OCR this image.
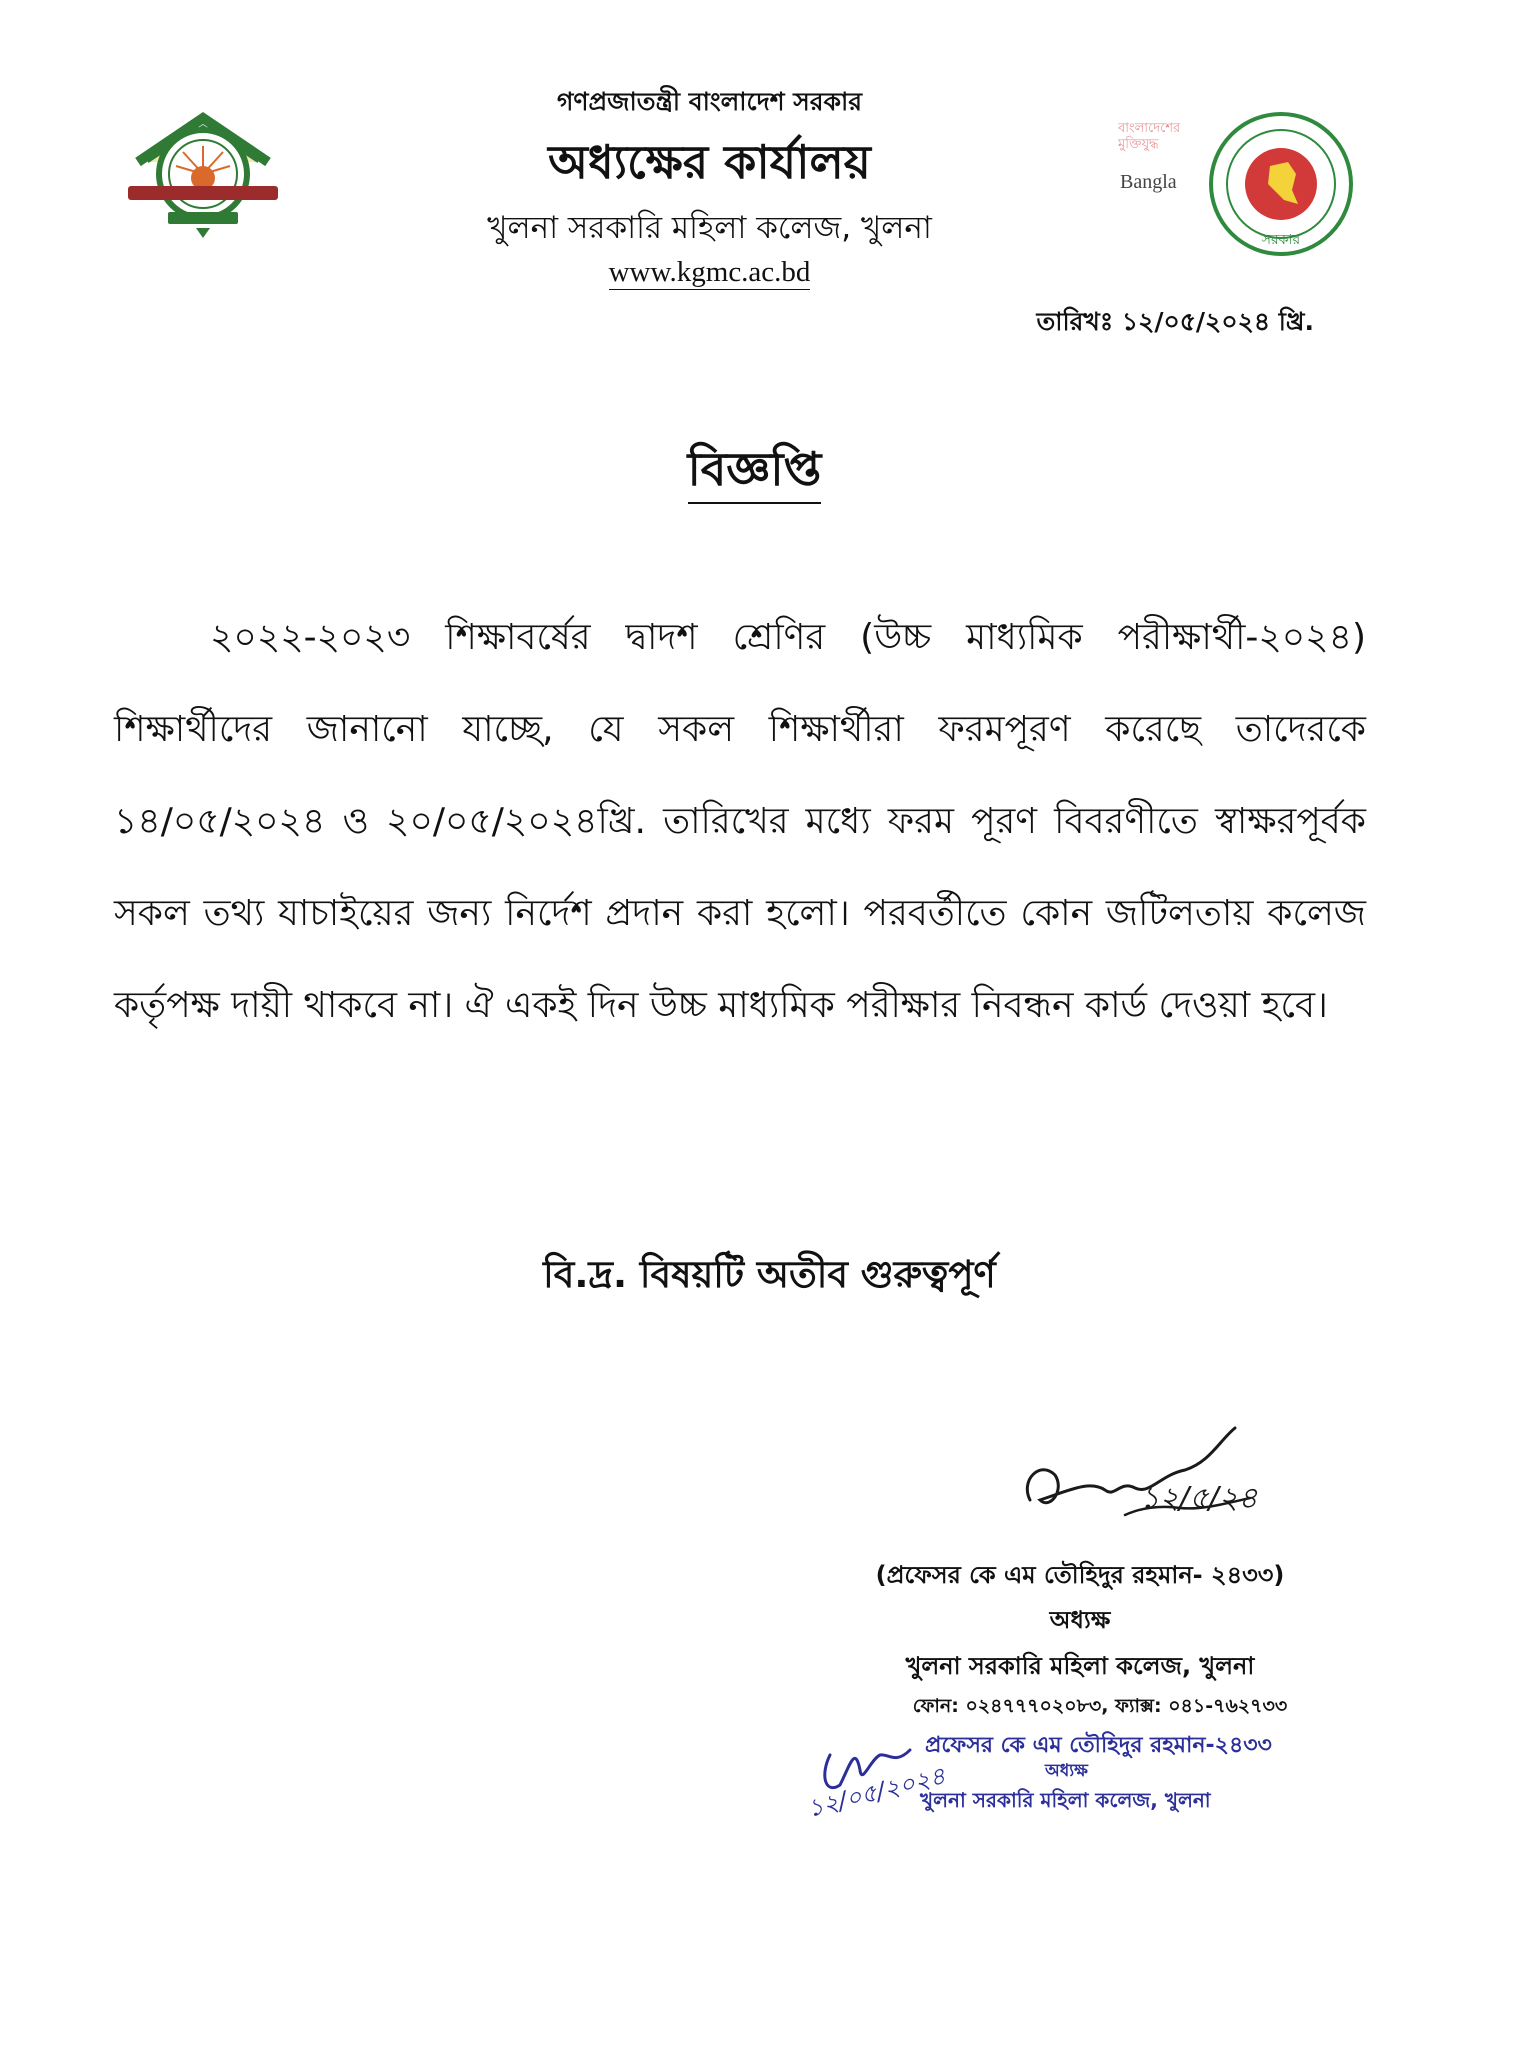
বাংলাদেশের
মুক্তিযুদ্ধ
Bangla
সরকার
গণপ্রজাতন্ত্রী বাংলাদেশ সরকার
অধ্যক্ষের কার্যালয়
খুলনা সরকারি মহিলা কলেজ, খুলনা
www.kgmc.ac.bd
তারিখঃ ১২/০৫/২০২৪ খ্রি.
বিজ্ঞপ্তি
২০২২-২০২৩ শিক্ষাবর্ষের দ্বাদশ শ্রেণির (উচ্চ মাধ্যমিক পরীক্ষার্থী-২০২৪) শিক্ষার্থীদের জানানো যাচ্ছে, যে সকল শিক্ষার্থীরা ফরমপূরণ করেছে তাদেরকে ১৪/০৫/২০২৪ ও ২০/০৫/২০২৪খ্রি. তারিখের মধ্যে ফরম পূরণ বিবরণীতে স্বাক্ষরপূর্বক সকল তথ্য যাচাইয়ের জন্য নির্দেশ প্রদান করা হলো। পরবর্তীতে কোন জটিলতায় কলেজ কর্তৃপক্ষ দায়ী থাকবে না। ঐ একই দিন উচ্চ মাধ্যমিক পরীক্ষার নিবন্ধন কার্ড দেওয়া হবে।
বি.দ্র. বিষয়টি অতীব গুরুত্বপূর্ণ
১২/৫/২৪
(প্রফেসর কে এম তৌহিদুর রহমান- ২৪৩৩)
অধ্যক্ষ
খুলনা সরকারি মহিলা কলেজ, খুলনা
ফোন: ০২৪৭৭৭০২০৮৩, ফ্যাক্স: ০৪১-৭৬২৭৩৩
১২/০৫/২০২৪
প্রফেসর কে এম তৌহিদুর রহমান-২৪৩৩
অধ্যক্ষ
খুলনা সরকারি মহিলা কলেজ, খুলনা
